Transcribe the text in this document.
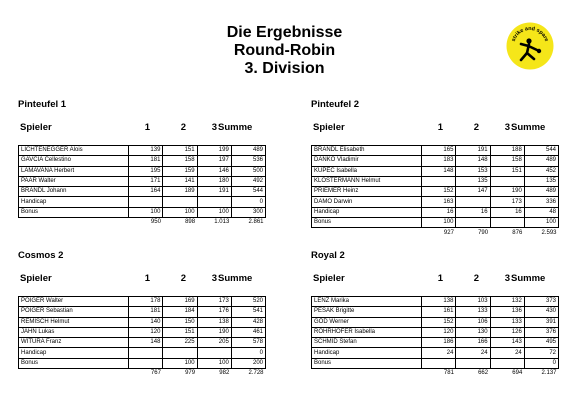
Die Ergebnisse
Round-Robin
3. Division
strike and spare
Pinteufel 1
Spieler	1	2	3 Summe
LICHTENEGGER Alois	139	151	199	489
GAVCIA Cellestino	181	158	197	536
LAMAVANA Herbert	195	159	146	500
PAAR Walter	171	141	180	492
BRANDL Johann	164	189	191	544
Handicap				0
Bonus	100	100	100	300
	950	898	1.013	2.861
Pinteufel 2
Spieler	1	2	3 Summe
BRANDL Elisabeth	165	191	188	544
DANKO Vladimir	183	148	158	489
KUPEC Isabella	148	153	151	452
KLOSTERMANN Helmut		135		135
PRIEMER Heinz	152	147	190	489
DAMO Darwin	163		173	336
Handicap	16	16	16	48
Bonus	100			100
	927	790	876	2.593
Cosmos 2
Spieler	1	2	3 Summe
POIGER Walter	178	169	173	520
POIGER Sebastian	181	184	176	541
REMISCH Helmut	140	150	138	428
JAHN Lukas	120	151	190	461
WITURA Franz	148	225	205	578
Handicap				0
Bonus		100	100	200
	767	979	982	2.728
Royal 2
Spieler	1	2	3 Summe
LENZ Marika	138	103	132	373
PESAK Brigitte	161	133	136	430
GÖD Werner	152	106	133	391
ROHRHOFER Isabella	120	130	126	376
SCHMID Stefan	186	166	143	495
Handicap	24	24	24	72
Bonus				0
	781	662	694	2.137
